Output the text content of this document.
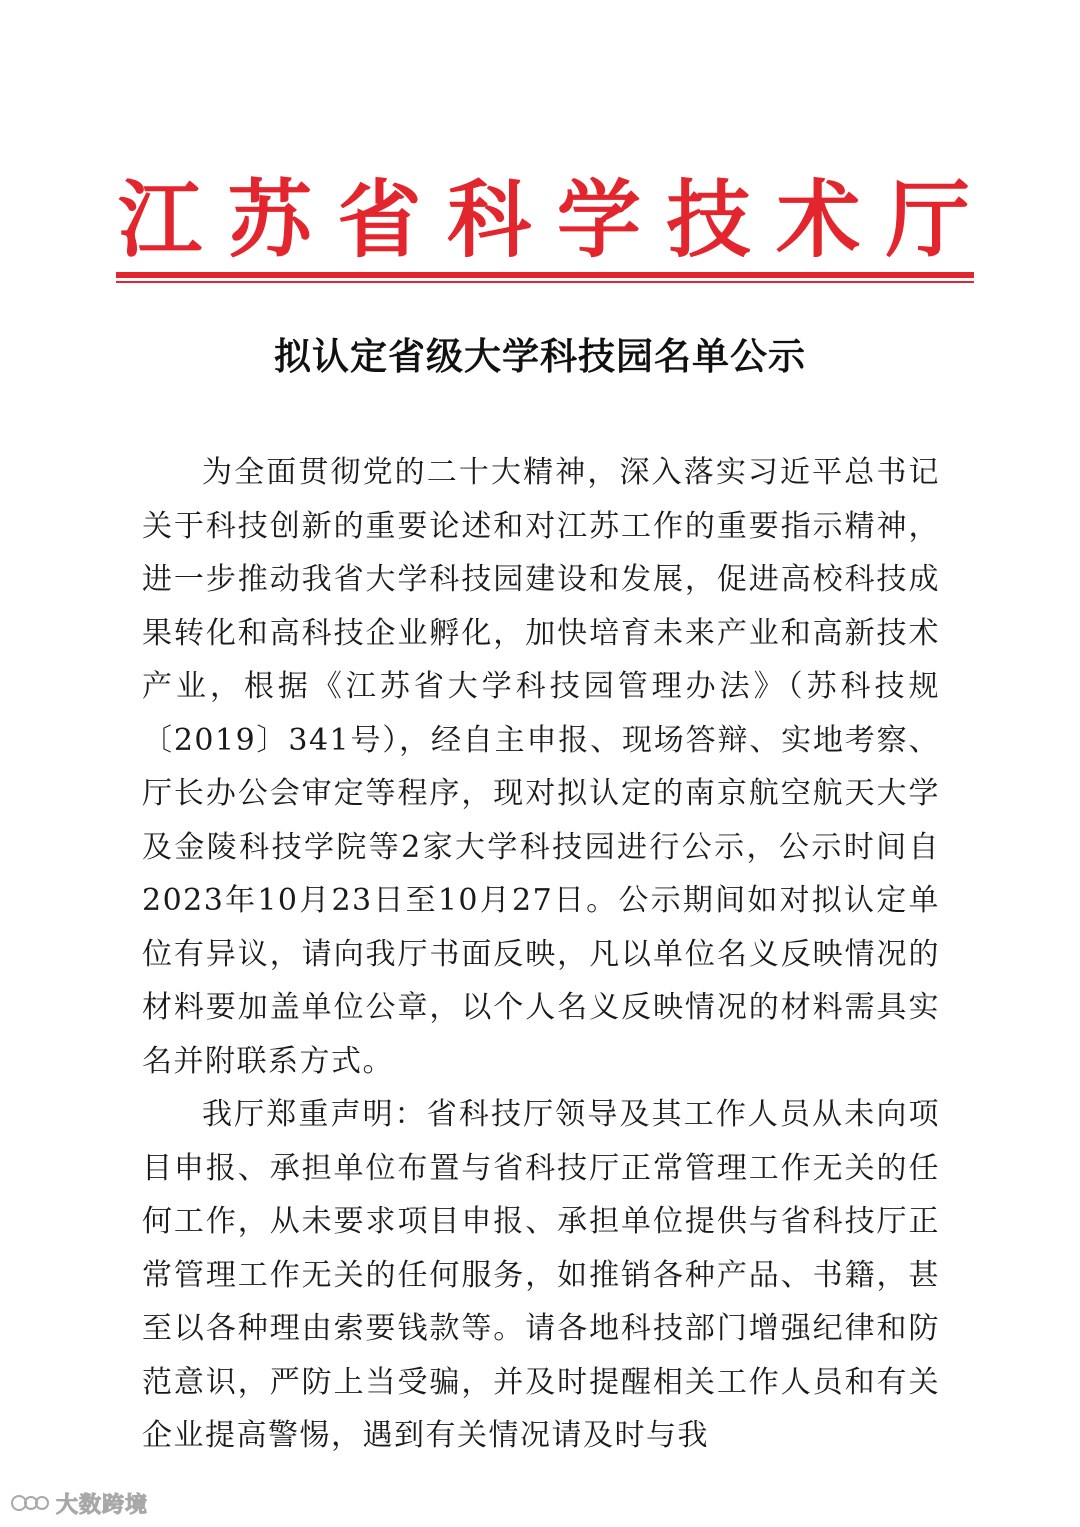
江 苏 省 科 学 技 术 厅
拟认定省级大学科技园名单公示

为全面贯彻党的二十大精神，深入落实习近平总书记关于科技创新的重要论述和对江苏工作的重要指示精神，进一步推动我省大学科技园建设和发展，促进高校科技成果转化和高科技企业孵化，加快培育未来产业和高新技术产业，根据《江苏省大学科技园管理办法》（苏科技规〔2019〕341号），经自主申报、现场答辩、实地考察、厅长办公会审定等程序，现对拟认定的南京航空航天大学及金陵科技学院等2家大学科技园进行公示，公示时间自2023年10月23日至10月27日。公示期间如对拟认定单位有异议，请向我厅书面反映，凡以单位名义反映情况的材料要加盖单位公章，以个人名义反映情况的材料需具实名并附联系方式。

我厅郑重声明：省科技厅领导及其工作人员从未向项目申报、承担单位布置与省科技厅正常管理工作无关的任何工作，从未要求项目申报、承担单位提供与省科技厅正常管理工作无关的任何服务，如推销各种产品、书籍，甚至以各种理由索要钱款等。请各地科技部门增强纪律和防范意识，严防上当受骗，并及时提醒相关工作人员和有关企业提高警惕，遇到有关情况请及时与我

大数跨境
